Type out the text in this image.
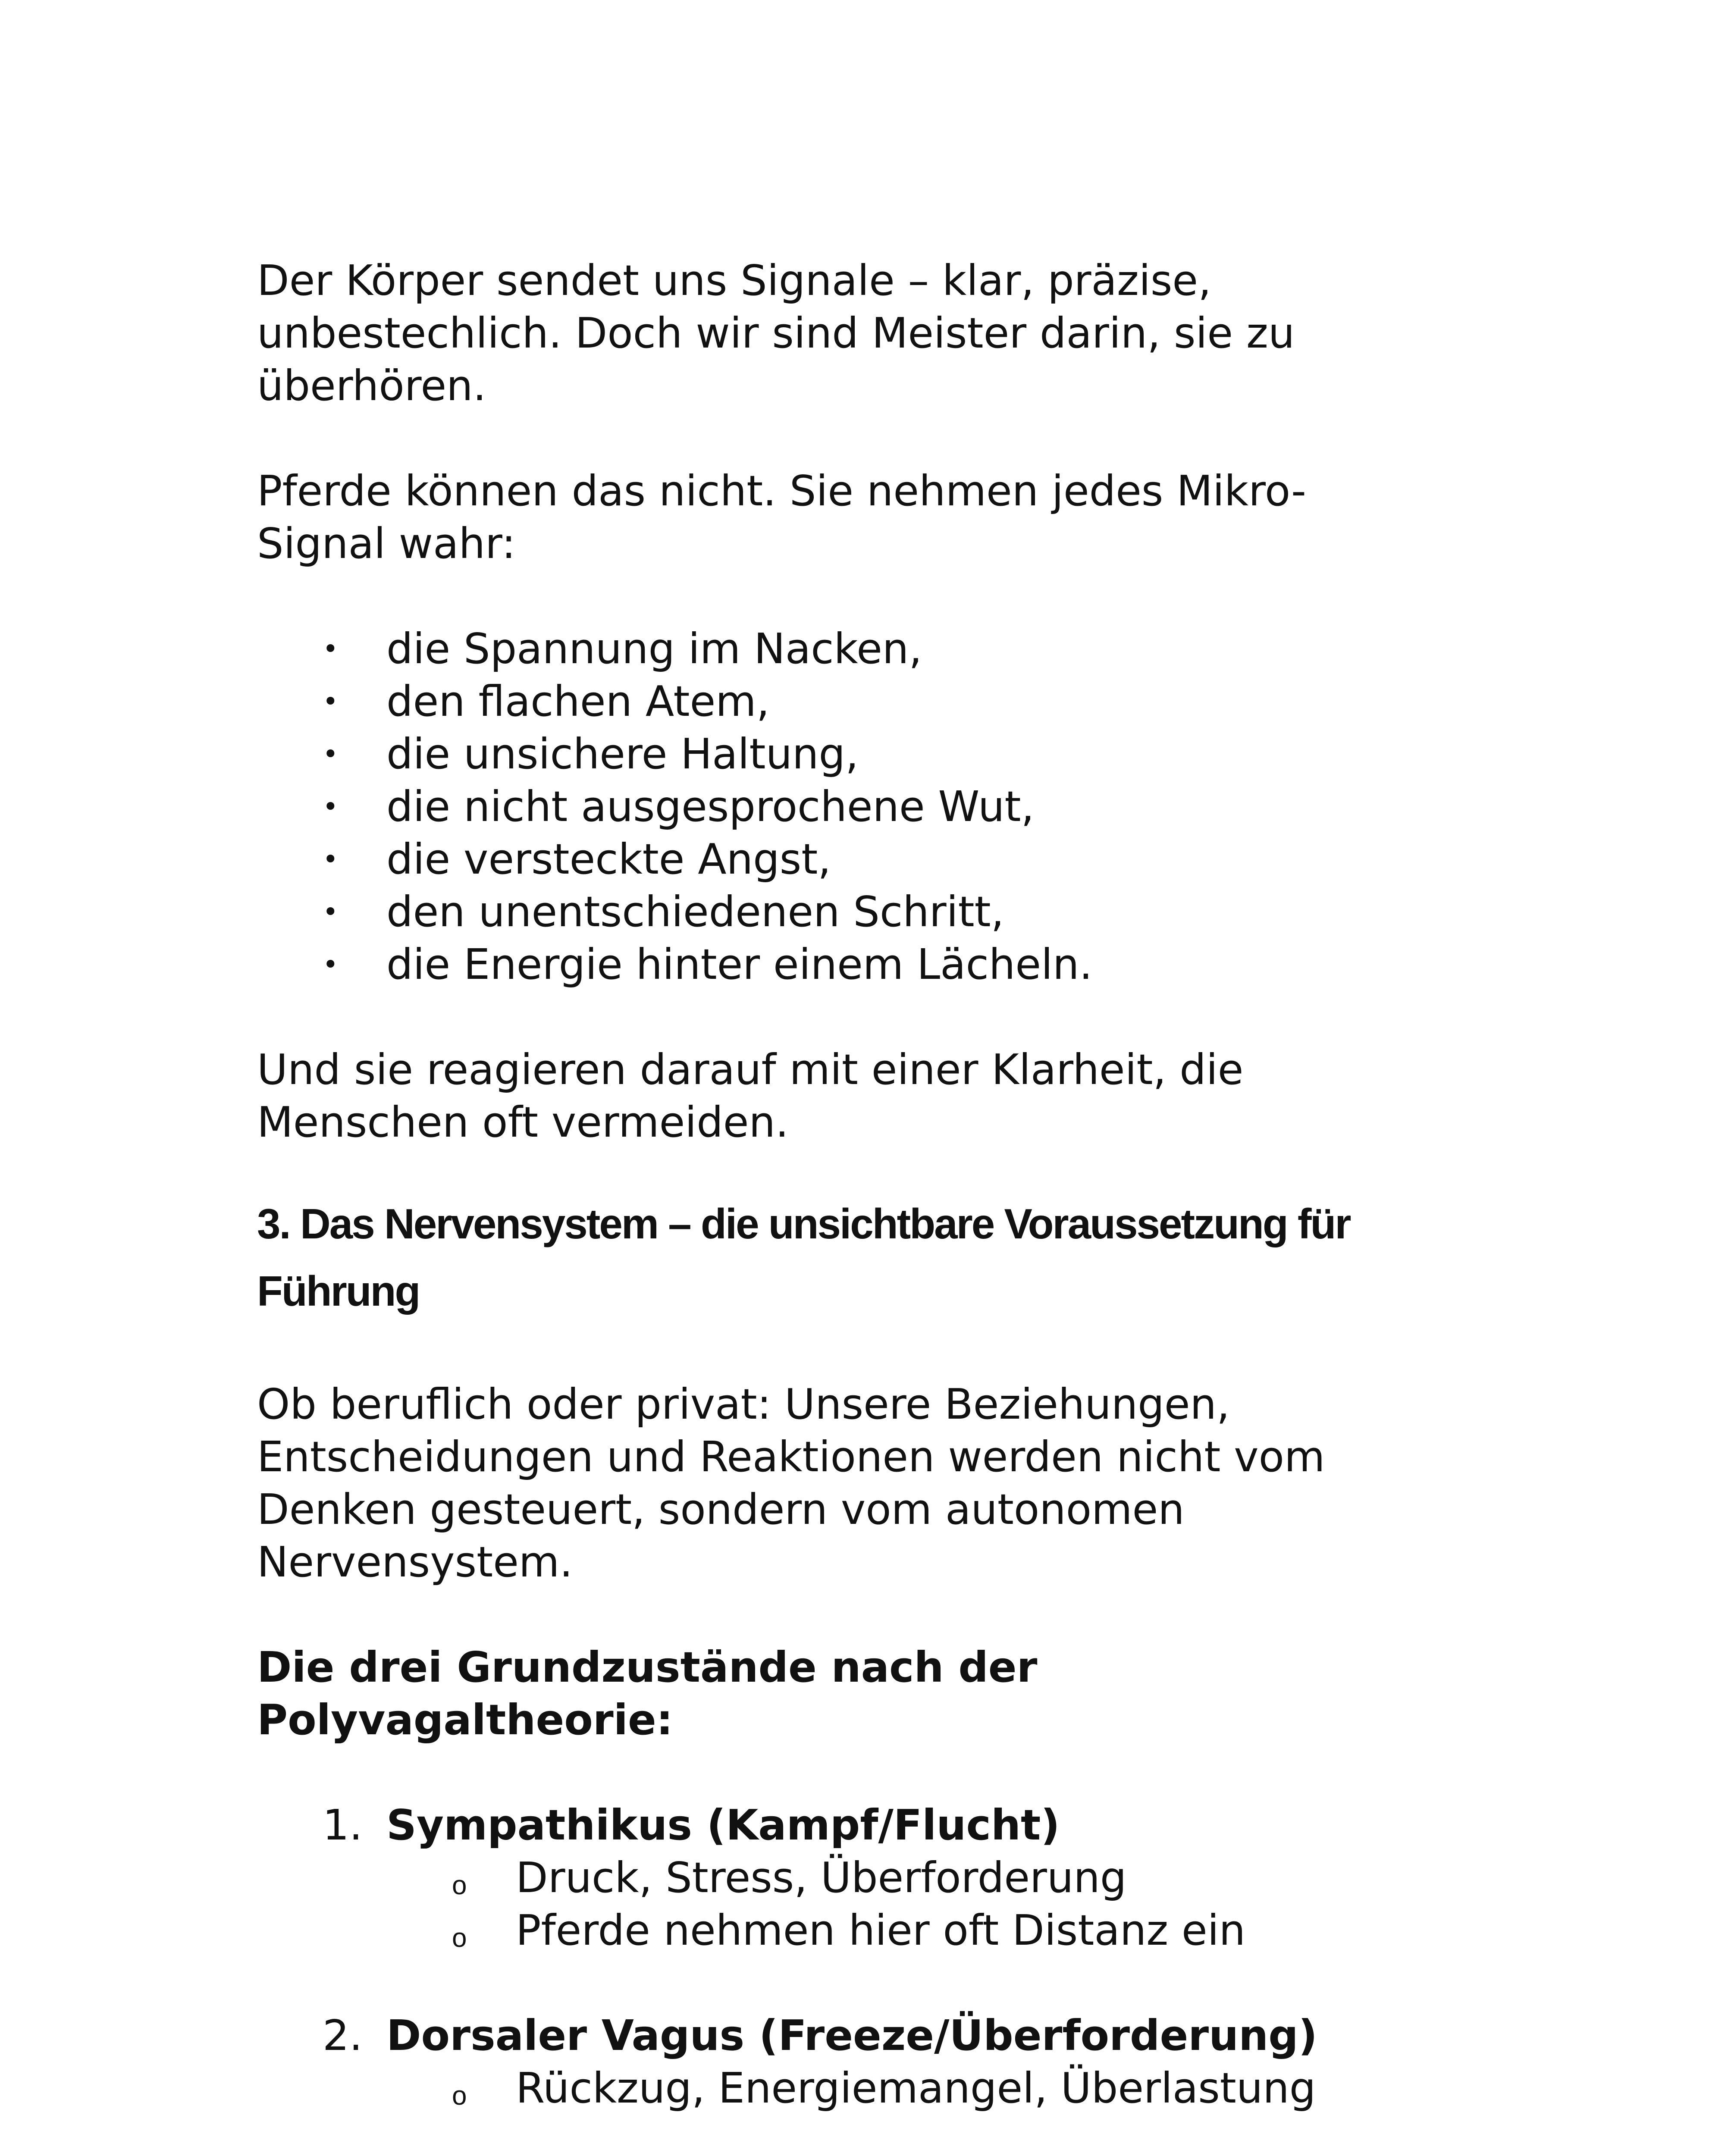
Der Körper sendet uns Signale – klar, präzise,
unbestechlich. Doch wir sind Meister darin, sie zu
überhören.

Pferde können das nicht. Sie nehmen jedes Mikro-
Signal wahr:

• die Spannung im Nacken,
• den flachen Atem,
• die unsichere Haltung,
• die nicht ausgesprochene Wut,
• die versteckte Angst,
• den unentschiedenen Schritt,
• die Energie hinter einem Lächeln.

Und sie reagieren darauf mit einer Klarheit, die
Menschen oft vermeiden.

3. Das Nervensystem – die unsichtbare Voraussetzung für
Führung

Ob beruflich oder privat: Unsere Beziehungen,
Entscheidungen und Reaktionen werden nicht vom
Denken gesteuert, sondern vom autonomen
Nervensystem.

Die drei Grundzustände nach der
Polyvagaltheorie:
1. Sympathikus (Kampf/Flucht)
o Druck, Stress, Überforderung
o Pferde nehmen hier oft Distanz ein
2. Dorsaler Vagus (Freeze/Überforderung)
o Rückzug, Energiemangel, Überlastung
